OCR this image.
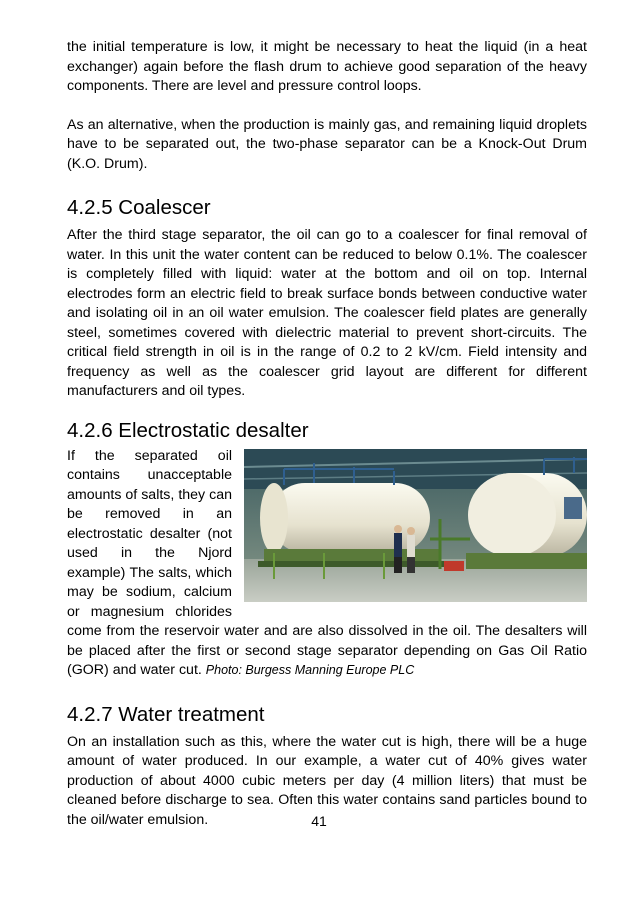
the initial temperature is low, it might be necessary to heat the liquid (in a heat exchanger) again before the flash drum to achieve good separation of the heavy components. There are level and pressure control loops.

As an alternative, when the production is mainly gas, and remaining liquid droplets have to be separated out, the two-phase separator can be a Knock-Out Drum (K.O. Drum).

4.2.5 Coalescer

After the third stage separator, the oil can go to a coalescer for final removal of water. In this unit the water content can be reduced to below 0.1%. The coalescer is completely filled with liquid: water at the bottom and oil on top. Internal electrodes form an electric field to break surface bonds between conductive water and isolating oil in an oil water emulsion. The coalescer field plates are generally steel, sometimes covered with dielectric material to prevent short-circuits. The critical field strength in oil is in the range of 0.2 to 2 kV/cm. Field intensity and frequency as well as the coalescer grid layout are different for different manufacturers and oil types.

4.2.6 Electrostatic desalter

If the separated oil contains unacceptable amounts of salts, they can be removed in an electrostatic desalter (not used in the Njord example) The salts, which may be sodium, calcium or magnesium chlorides come from the reservoir water and are also dissolved in the oil. The desalters will be placed after the first or second stage separator depending on Gas Oil Ratio (GOR) and water cut. Photo: Burgess Manning Europe PLC

4.2.7 Water treatment

On an installation such as this, where the water cut is high, there will be a huge amount of water produced. In our example, a water cut of 40% gives water production of about 4000 cubic meters per day (4 million liters) that must be cleaned before discharge to sea. Often this water contains sand particles bound to the oil/water emulsion.	41
